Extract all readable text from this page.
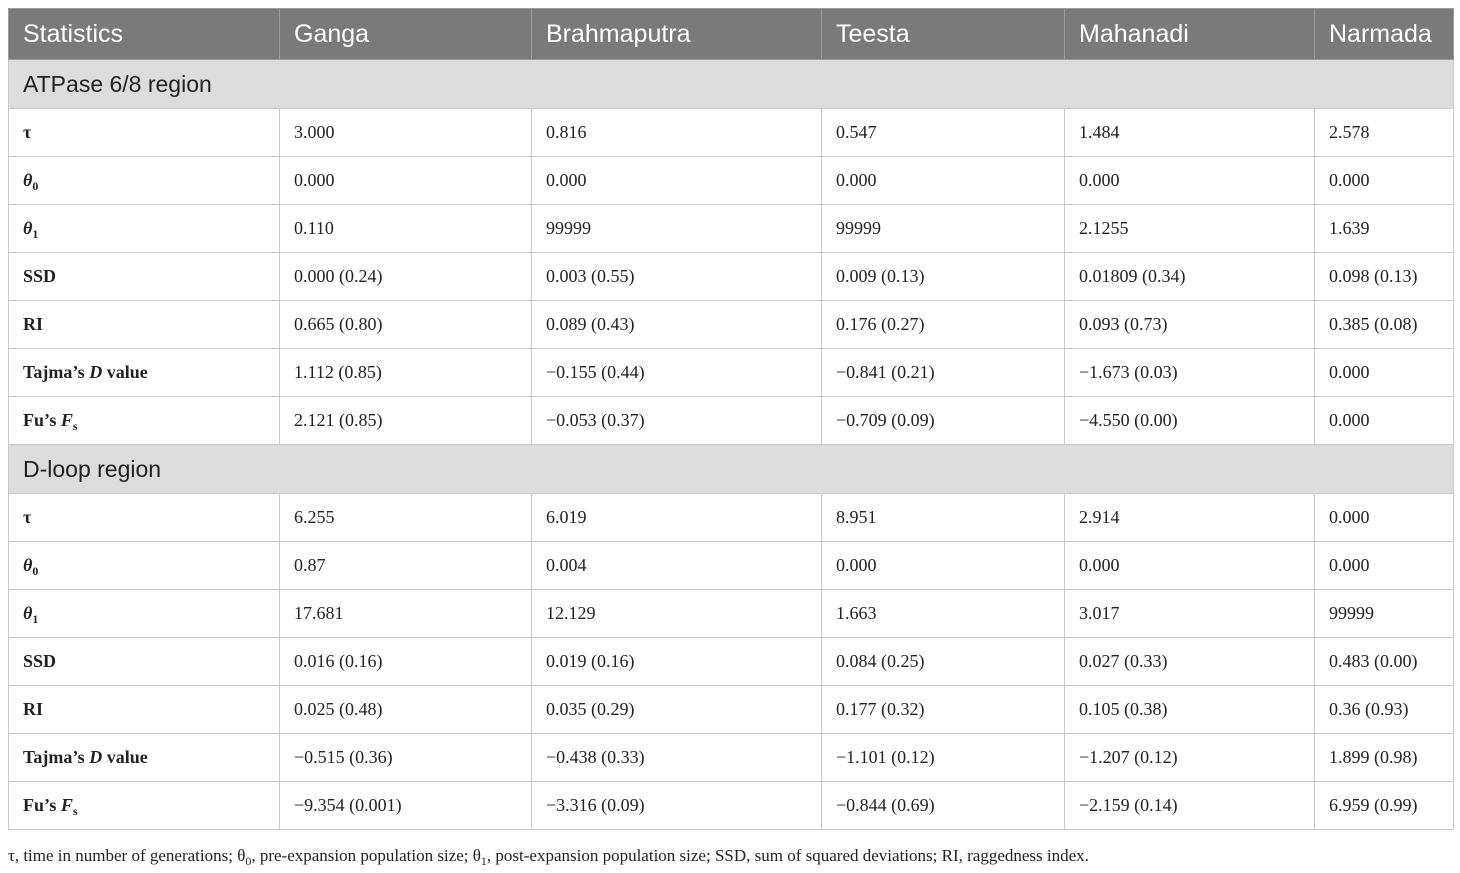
Statistics	Ganga	Brahmaputra	Teesta	Mahanadi	Narmada
ATPase 6/8 region					
τ	3.000	0.816	0.547	1.484	2.578
$\theta_0$	0.000	0.000	0.000	0.000	0.000
$\theta_1$	0.110	99999	99999	2.1255	1.639
SSD	0.000 (0.24)	0.003 (0.55)	0.009 (0.13)	0.01809 (0.34)	0.098 (0.13)
RI	0.665 (0.80)	0.089 (0.43)	0.176 (0.27)	0.093 (0.73)	0.385 (0.08)
Tajma’s D value	1.112 (0.85)	−0.155 (0.44)	−0.841 (0.21)	−1.673 (0.03)	0.000
Fu’s $F_s$	2.121 (0.85)	−0.053 (0.37)	−0.709 (0.09)	−4.550 (0.00)	0.000
D-loop region					
τ	6.255	6.019	8.951	2.914	0.000
$\theta_0$	0.87	0.004	0.000	0.000	0.000
$\theta_1$	17.681	12.129	1.663	3.017	99999
SSD	0.016 (0.16)	0.019 (0.16)	0.084 (0.25)	0.027 (0.33)	0.483 (0.00)
RI	0.025 (0.48)	0.035 (0.29)	0.177 (0.32)	0.105 (0.38)	0.36 (0.93)
Tajma’s D value	−0.515 (0.36)	−0.438 (0.33)	−1.101 (0.12)	−1.207 (0.12)	1.899 (0.98)
Fu’s $F_s$	−9.354 (0.001)	−3.316 (0.09)	−0.844 (0.69)	−2.159 (0.14)	6.959 (0.99)
τ, time in number of generations; $\theta_0$, pre-expansion population size; $\theta_1$, post-expansion population size; SSD, sum of squared deviations; RI, raggedness index.
